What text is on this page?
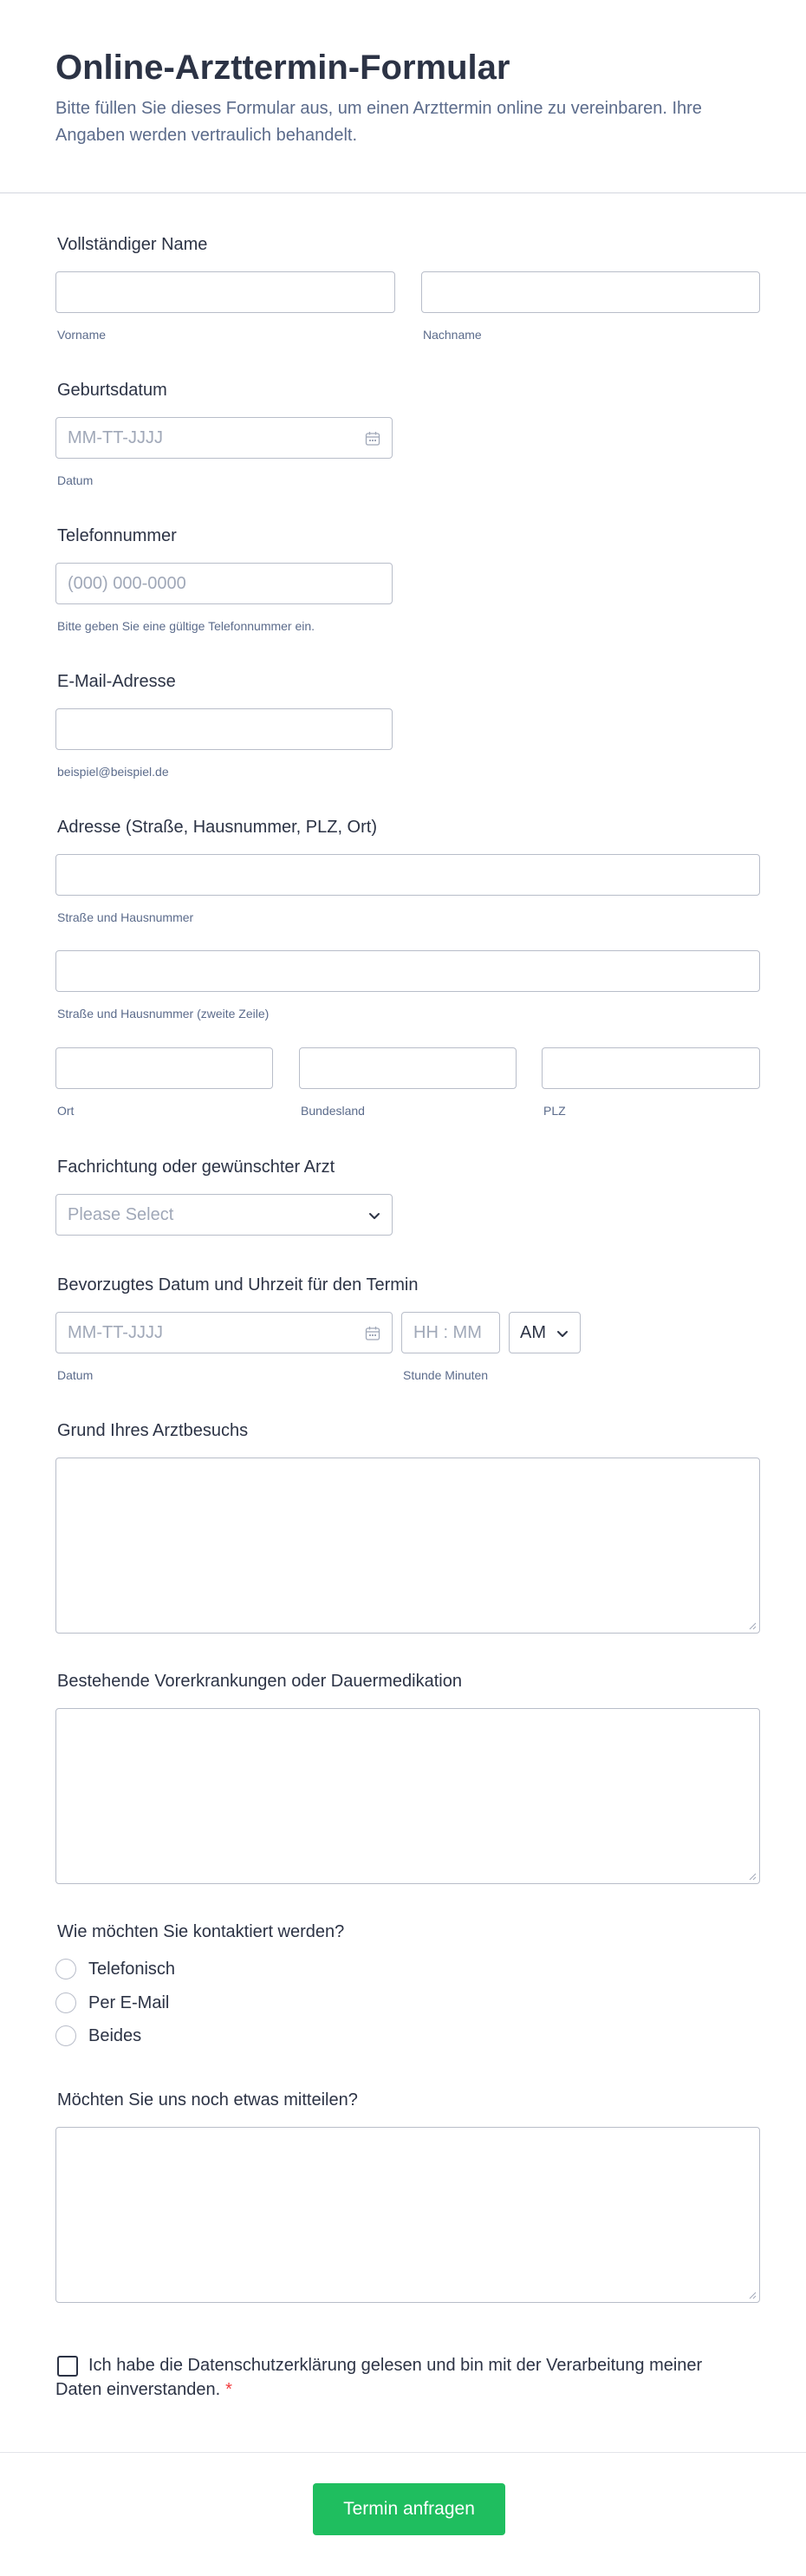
Online-Arzttermin-Formular

Bitte füllen Sie dieses Formular aus, um einen Arzttermin online zu vereinbaren. Ihre Angaben werden vertraulich behandelt.

Vollständiger Name
Vorname	Nachname
Geburtsdatum
MM-TT-JJJJ
Datum
Telefonnummer
(000) 000-0000
Bitte geben Sie eine gültige Telefonnummer ein.
E-Mail-Adresse
beispiel@beispiel.de
Adresse (Straße, Hausnummer, PLZ, Ort)
Straße und Hausnummer
Straße und Hausnummer (zweite Zeile)
Ort	Bundesland	PLZ
Fachrichtung oder gewünschter Arzt
Please Select
Bevorzugtes Datum und Uhrzeit für den Termin
MM-TT-JJJJ	HH : MM	AM
Datum	Stunde Minuten
Grund Ihres Arztbesuchs
Bestehende Vorerkrankungen oder Dauermedikation
Wie möchten Sie kontaktiert werden?
Telefonisch
Per E-Mail
Beides
Möchten Sie uns noch etwas mitteilen?
Ich habe die Datenschutzerklärung gelesen und bin mit der Verarbeitung meiner Daten einverstanden. *
Termin anfragen
